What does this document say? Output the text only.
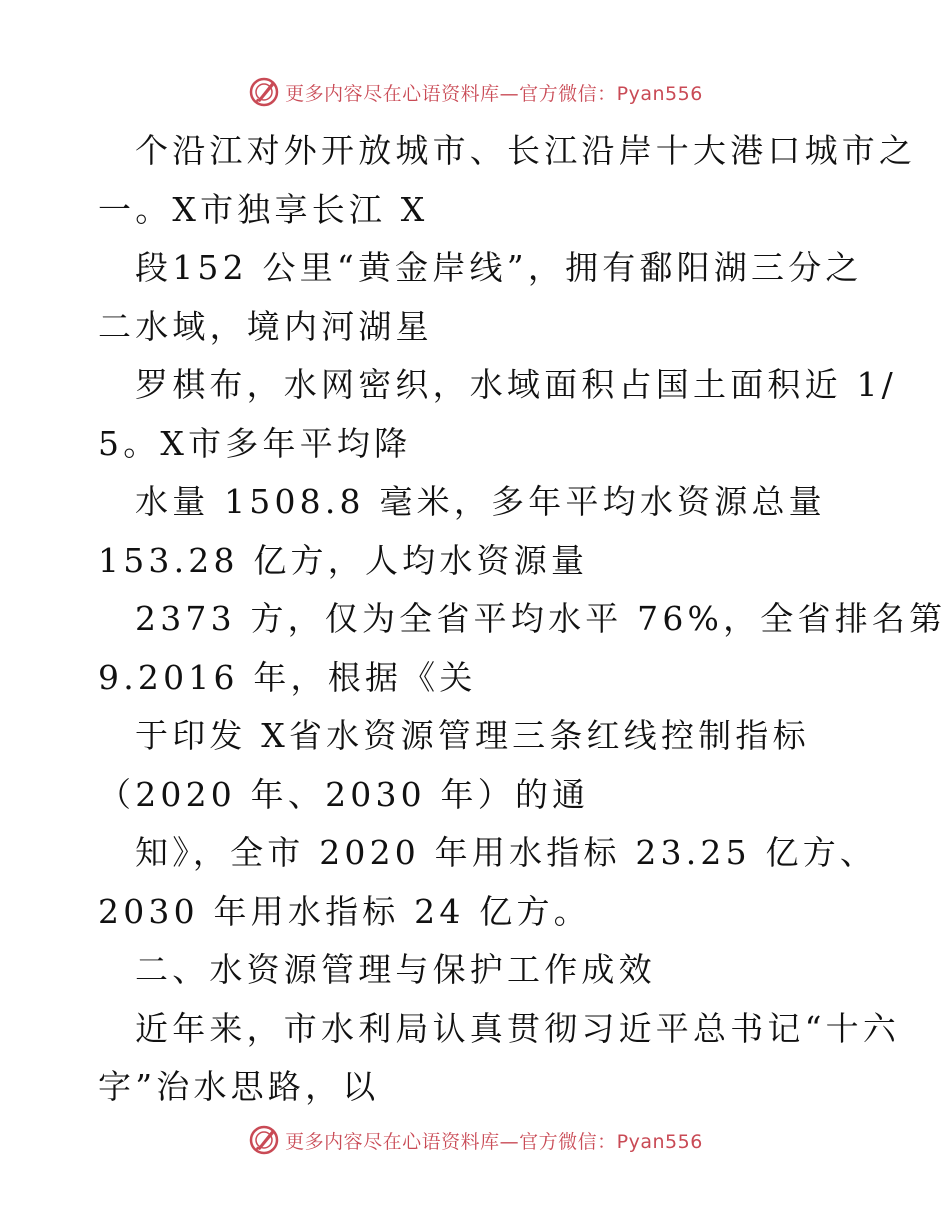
更多内容尽在心语资料库—官方微信：Pyan556
个沿江对外开放城市、长江沿岸十大港口城市之
一。X市独享长江 X
段152 公里“黄金岸线”，拥有鄱阳湖三分之
二水域，境内河湖星
罗棋布，水网密织，水域面积占国土面积近 1/
5。X市多年平均降
水量 1508.8 毫米，多年平均水资源总量
153.28 亿方，人均水资源量
2373 方，仅为全省平均水平 76%，全省排名第
9.2016 年，根据《关
于印发 X省水资源管理三条红线控制指标
（2020 年、2030 年）的通
知》，全市 2020 年用水指标 23.25 亿方、
2030 年用水指标 24 亿方。
二、水资源管理与保护工作成效
近年来，市水利局认真贯彻习近平总书记“十六
字”治水思路，以
更多内容尽在心语资料库—官方微信：Pyan556
